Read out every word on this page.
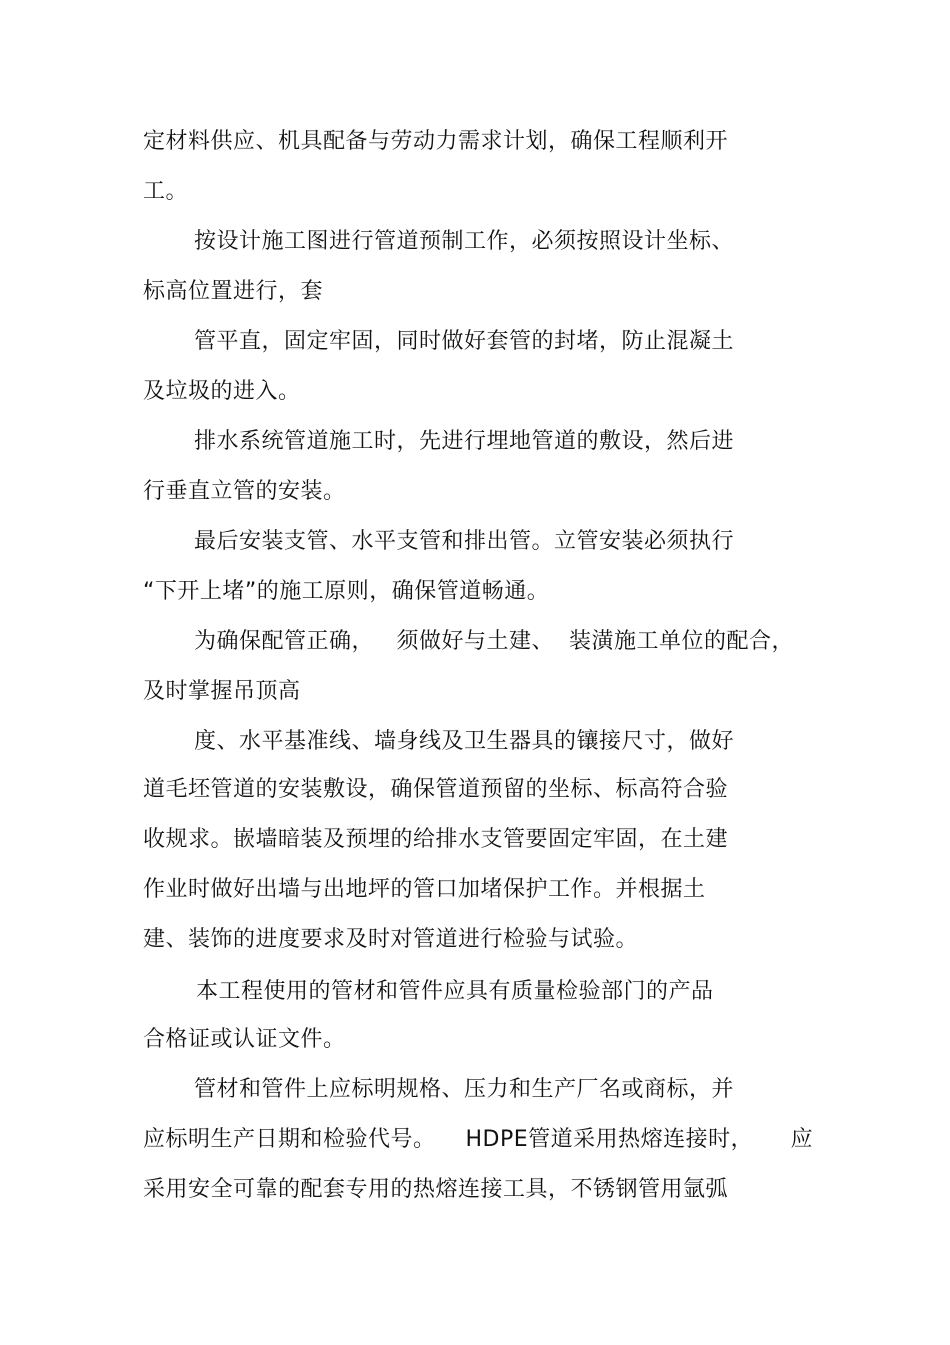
定材料供应、机具配备与劳动力需求计划，确保工程顺利开
工。
按设计施工图进行管道预制工作，必须按照设计坐标、
标高位置进行，套
管平直，固定牢固，同时做好套管的封堵，防止混凝土
及垃圾的进入。
排水系统管道施工时，先进行埋地管道的敷设，然后进
行垂直立管的安装。
最后安装支管、水平支管和排出管。立管安装必须执行
“下开上堵”的施工原则，确保管道畅通。
为确保配管正确，   须做好与土建、  装潢施工单位的配合，
及时掌握吊顶高
度、水平基准线、墙身线及卫生器具的镶接尺寸，做好
道毛坯管道的安装敷设，确保管道预留的坐标、标高符合验
收规求。嵌墙暗装及预埋的给排水支管要固定牢固，在土建
作业时做好出墙与出地坪的管口加堵保护工作。并根据土
建、装饰的进度要求及时对管道进行检验与试验。
本工程使用的管材和管件应具有质量检验部门的产品
合格证或认证文件。
管材和管件上应标明规格、压力和生产厂名或商标，并
应标明生产日期和检验代号。    HDPE管道采用热熔连接时，     应
采用安全可靠的配套专用的热熔连接工具，不锈钢管用氩弧
